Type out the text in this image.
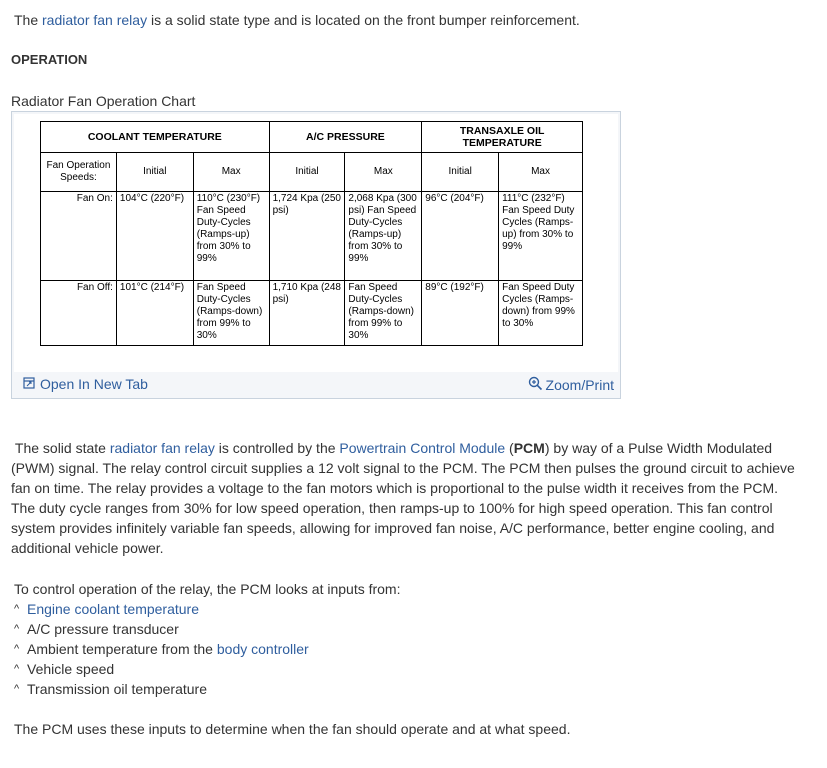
The radiator fan relay is a solid state type and is located on the front bumper reinforcement.
OPERATION
Radiator Fan Operation Chart
COOLANT TEMPERATURE			A/C PRESSURE		TRANSAXLE OIL TEMPERATURE	
Fan Operation Speeds:	Initial	Max	Initial	Max	Initial	Max
Fan On:	104°C (220°F)	110°C (230°F) Fan Speed Duty-Cycles (Ramps-up) from 30% to 99%	1,724 Kpa (250 psi)	2,068 Kpa (300 psi) Fan Speed Duty-Cycles (Ramps-up) from 30% to 99%	96°C (204°F)	111°C (232°F) Fan Speed Duty Cycles (Ramps-up) from 30% to 99%
Fan Off:	101°C (214°F)	Fan Speed Duty-Cycles (Ramps-down) from 99% to 30%	1,710 Kpa (248 psi)	Fan Speed Duty-Cycles (Ramps-down) from 99% to 30%	89°C (192°F)	Fan Speed Duty Cycles (Ramps-down) from 99% to 30%
Open In New Tab	Zoom/Print
The solid state radiator fan relay is controlled by the Powertrain Control Module (PCM) by way of a Pulse Width Modulated (PWM) signal. The relay control circuit supplies a 12 volt signal to the PCM. The PCM then pulses the ground circuit to achieve fan on time. The relay provides a voltage to the fan motors which is proportional to the pulse width it receives from the PCM. The duty cycle ranges from 30% for low speed operation, then ramps-up to 100% for high speed operation. This fan control system provides infinitely variable fan speeds, allowing for improved fan noise, A/C performance, better engine cooling, and additional vehicle power.
To control operation of the relay, the PCM looks at inputs from:
^ Engine coolant temperature
^ A/C pressure transducer
^ Ambient temperature from the body controller
^ Vehicle speed
^ Transmission oil temperature
The PCM uses these inputs to determine when the fan should operate and at what speed.
